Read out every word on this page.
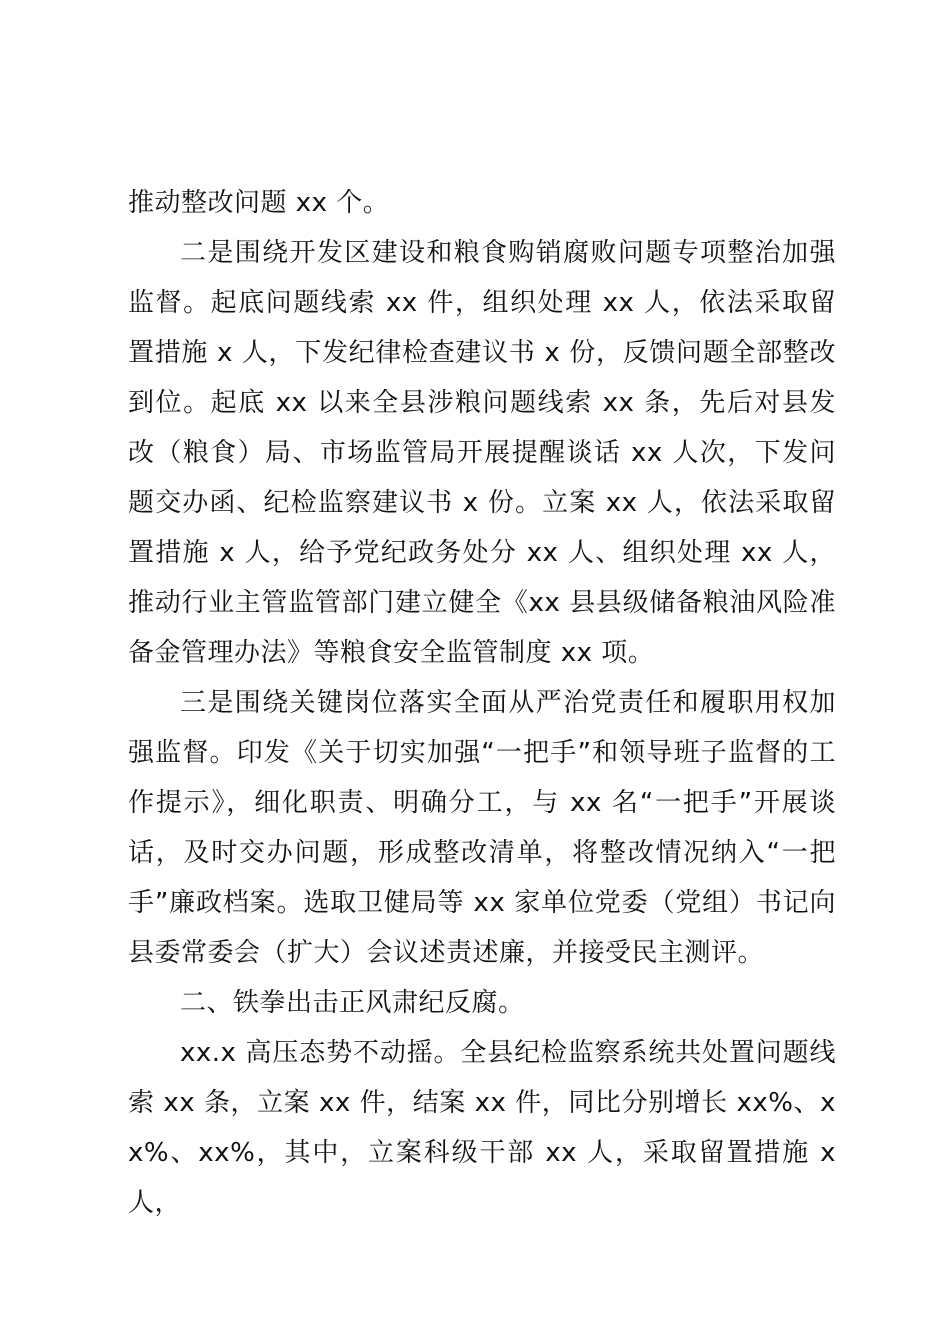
推动整改问题 xx 个。

二是围绕开发区建设和粮食购销腐败问题专项整治加强监督。起底问题线索 xx 件，组织处理 xx 人，依法采取留置措施 x 人，下发纪律检查建议书 x 份，反馈问题全部整改到位。起底 xx 以来全县涉粮问题线索 xx 条，先后对县发改（粮食）局、市场监管局开展提醒谈话 xx 人次，下发问题交办函、纪检监察建议书 x 份。立案 xx 人，依法采取留置措施 x 人，给予党纪政务处分 xx 人、组织处理 xx 人，推动行业主管监管部门建立健全《xx 县县级储备粮油风险准备金管理办法》等粮食安全监管制度 xx 项。

三是围绕关键岗位落实全面从严治党责任和履职用权加强监督。印发《关于切实加强“一把手”和领导班子监督的工作提示》，细化职责、明确分工，与 xx 名“一把手”开展谈话，及时交办问题，形成整改清单，将整改情况纳入“一把手”廉政档案。选取卫健局等 xx 家单位党委（党组）书记向县委常委会（扩大）会议述责述廉，并接受民主测评。

二、铁拳出击正风肃纪反腐。

xx.x 高压态势不动摇。全县纪检监察系统共处置问题线索 xx 条，立案 xx 件，结案 xx 件，同比分别增长 xx%、xx%、xx%，其中，立案科级干部 xx 人，采取留置措施 x 人，
